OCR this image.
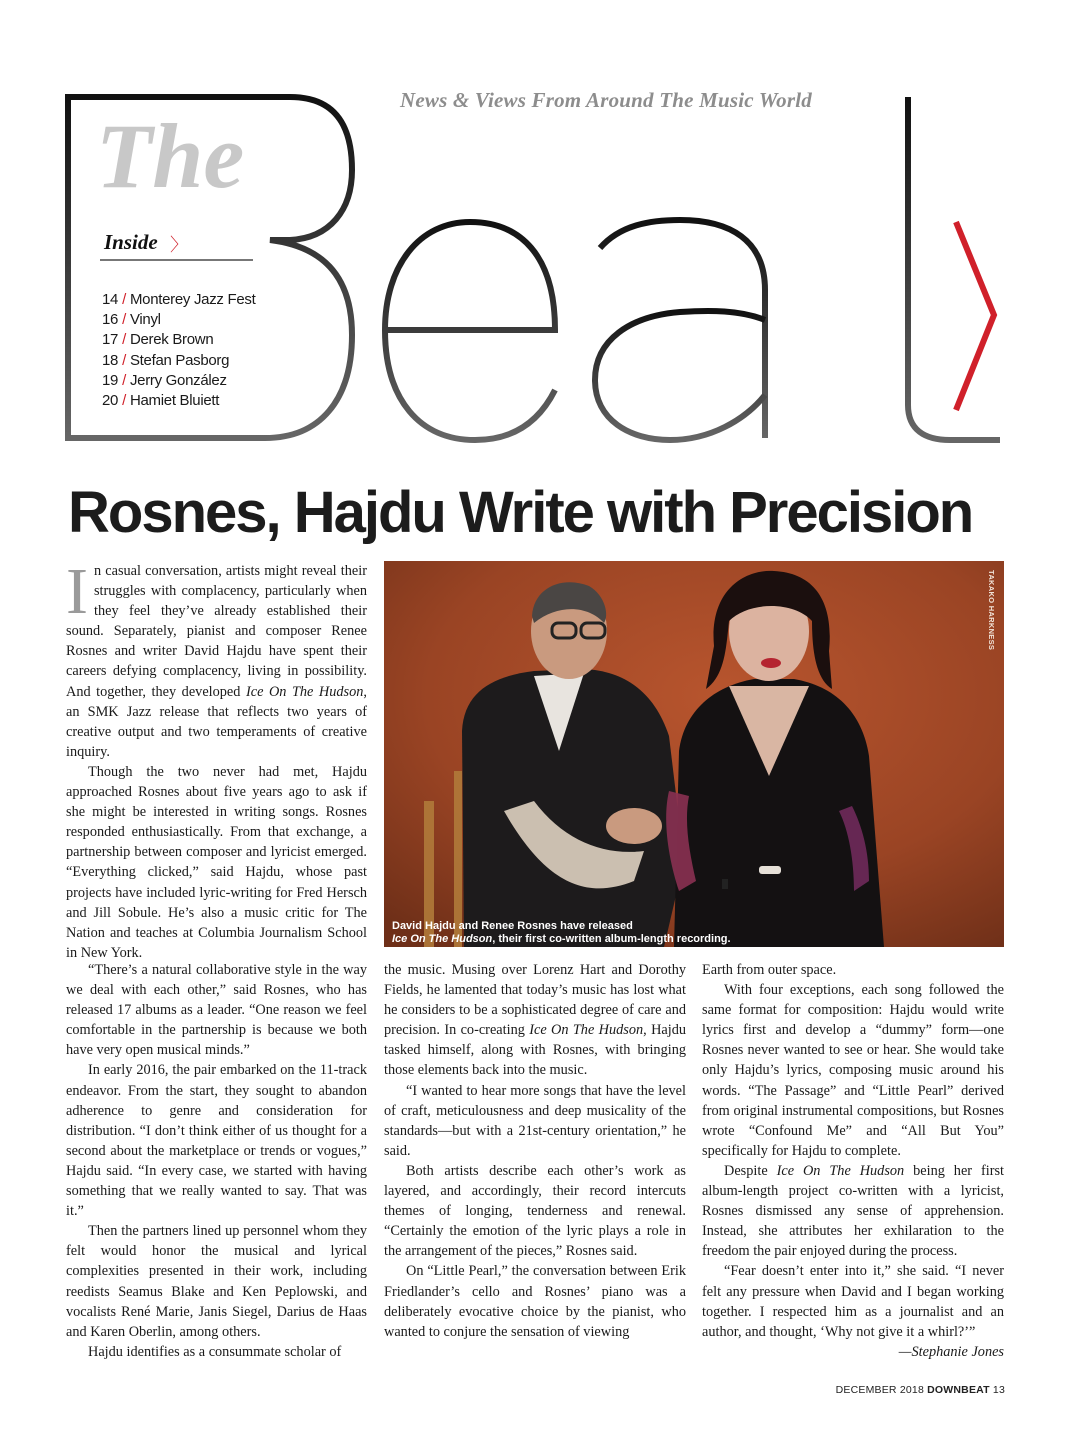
News & Views From Around The Music World
The
Inside 〉
14 / Monterey Jazz Fest
16 / Vinyl
17 / Derek Brown
18 / Stefan Pasborg
19 / Jerry González
20 / Hamiet Bluiett
Rosnes, Hajdu Write with Precision

In casual conversation, artists might reveal their struggles with complacency, particularly when they feel they’ve already established their sound. Separately, pianist and composer Renee Rosnes and writer David Hajdu have spent their careers defying complacency, living in possibility. And together, they developed Ice On The Hudson, an SMK Jazz release that reflects two years of creative output and two temperaments of creative inquiry.

Though the two never had met, Hajdu approached Rosnes about five years ago to ask if she might be interested in writing songs. Rosnes responded enthusiastically. From that exchange, a partnership between composer and lyricist emerged. “Everything clicked,” said Hajdu, whose past projects have included lyric-writing for Fred Hersch and Jill Sobule. He’s also a music critic for The Nation and teaches at Columbia Journalism School in New York.

TAKAKO HARKNESS
David Hajdu and Renee Rosnes have released
Ice On The Hudson, their first co-written album-length recording.

“There’s a natural collaborative style in the way we deal with each other,” said Rosnes, who has released 17 albums as a leader. “One reason we feel comfortable in the partnership is because we both have very open musical minds.”

In early 2016, the pair embarked on the 11-track endeavor. From the start, they sought to abandon adherence to genre and consideration for distribution. “I don’t think either of us thought for a second about the marketplace or trends or vogues,” Hajdu said. “In every case, we started with having something that we really wanted to say. That was it.”

Then the partners lined up personnel whom they felt would honor the musical and lyrical complexities presented in their work, including reedists Seamus Blake and Ken Peplowski, and vocalists René Marie, Janis Siegel, Darius de Haas and Karen Oberlin, among others.

Hajdu identifies as a consummate scholar of

the music. Musing over Lorenz Hart and Dorothy Fields, he lamented that today’s music has lost what he considers to be a sophisticated degree of care and precision. In co-creating Ice On The Hudson, Hajdu tasked himself, along with Rosnes, with bringing those elements back into the music.

“I wanted to hear more songs that have the level of craft, meticulousness and deep musicality of the standards—but with a 21st-century orientation,” he said.

Both artists describe each other’s work as layered, and accordingly, their record intercuts themes of longing, tenderness and renewal. “Certainly the emotion of the lyric plays a role in the arrangement of the pieces,” Rosnes said.

On “Little Pearl,” the conversation between Erik Friedlander’s cello and Rosnes’ piano was a deliberately evocative choice by the pianist, who wanted to conjure the sensation of viewing

Earth from outer space.

With four exceptions, each song followed the same format for composition: Hajdu would write lyrics first and develop a “dummy” form—one Rosnes never wanted to see or hear. She would take only Hajdu’s lyrics, composing music around his words. “The Passage” and “Little Pearl” derived from original instrumental compositions, but Rosnes wrote “Confound Me” and “All But You” specifically for Hajdu to complete.

Despite Ice On The Hudson being her first album-length project co-written with a lyricist, Rosnes dismissed any sense of apprehension. Instead, she attributes her exhilaration to the freedom the pair enjoyed during the process.

“Fear doesn’t enter into it,” she said. “I never felt any pressure when David and I began working together. I respected him as a journalist and an author, and thought, ‘Why not give it a whirl?’”

—Stephanie Jones
DECEMBER 2018 DOWNBEAT 13
